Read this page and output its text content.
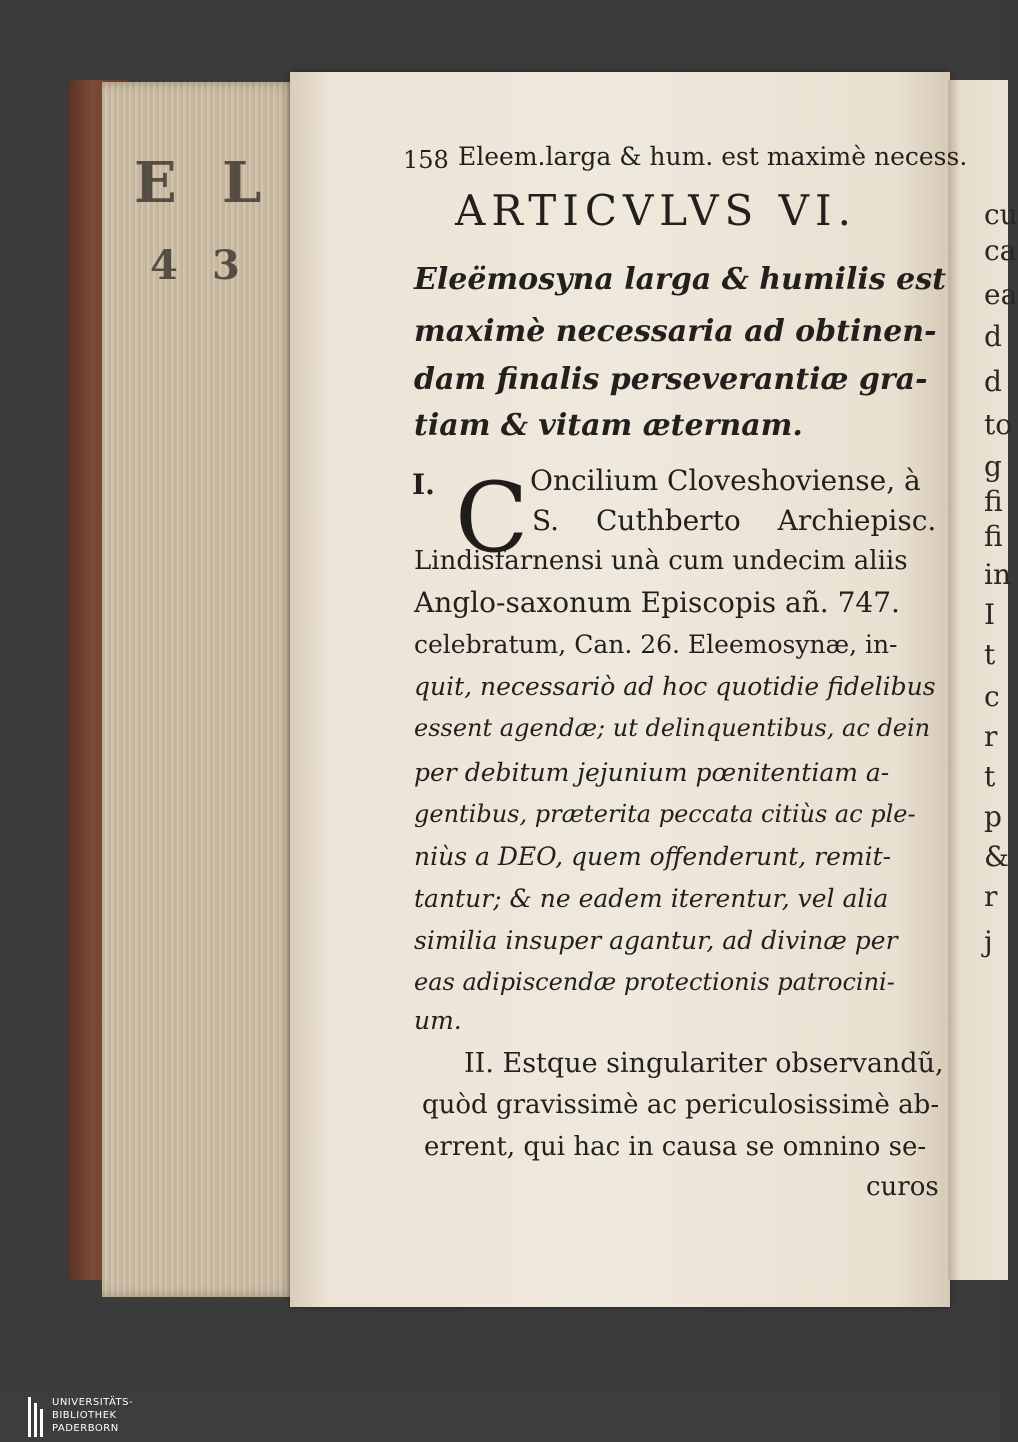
E L
4 3
cu
ca
ea
d
d
to
g
fi
fi
in
I
t
c
r
t
p
&
r
j
158 Eleem.larga & hum. est maximè necess.
ARTICVLVS VI.
Eleëmosyna larga & humilis est
maximè necessaria ad obtinen-
dam finalis perseverantiæ gra-
tiam & vitam æternam.
I. C Oncilium Cloveshoviense, à
S. Cuthberto Archiepisc.
Lindisfarnensi unà cum undecim aliis
Anglo-saxonum Episcopis añ. 747.
celebratum, Can. 26. Eleemosynæ, in-
quit, necessariò ad hoc quotidie fidelibus
essent agendæ; ut delinquentibus, ac dein
per debitum jejunium pœnitentiam a-
gentibus, præterita peccata citiùs ac ple-
niùs a DEO, quem offenderunt, remit-
tantur; & ne eadem iterentur, vel alia
similia insuper agantur, ad divinæ per
eas adipiscendæ protectionis patrocini-
um.
II. Estque singulariter observandũ,
quòd gravissimè ac periculosissimè ab-
errent, qui hac in causa se omnino se-
curos
UNIVERSITÄTS-
BIBLIOTHEK
PADERBORN
